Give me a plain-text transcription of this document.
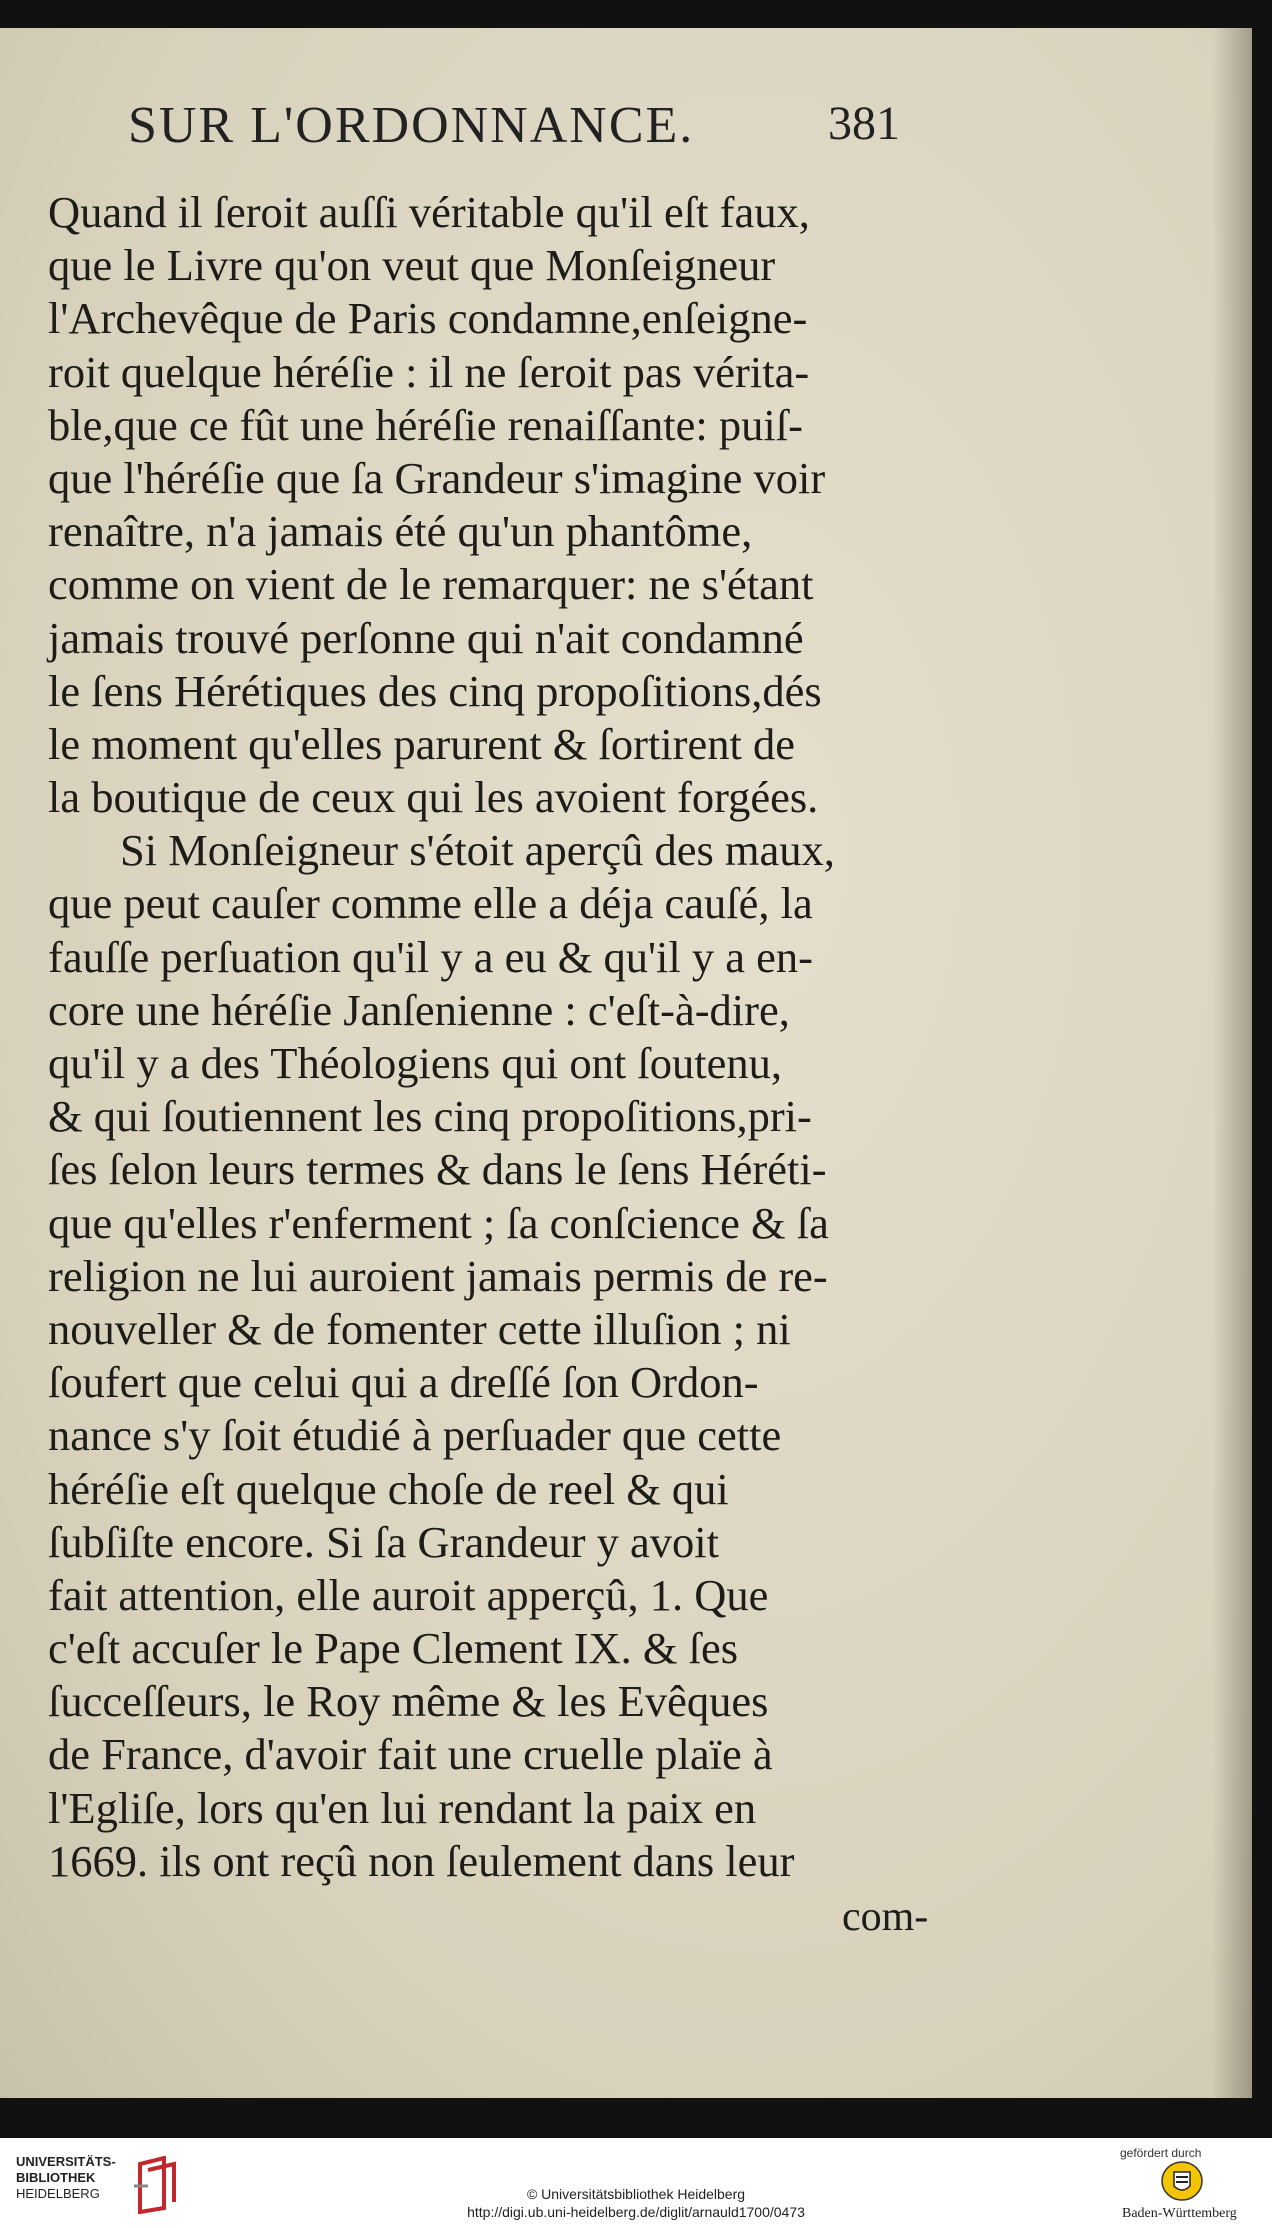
SUR L'ORDONNANCE.	381
Quand il ſeroit auſſi véritable qu'il eſt faux,
que le Livre qu'on veut que Monſeigneur
l'Archevêque de Paris condamne,enſeigne-
roit quelque héréſie : il ne ſeroit pas vérita-
ble,que ce fût une héréſie renaiſſante: puiſ-
que l'héréſie que ſa Grandeur s'imagine voir
renaître, n'a jamais été qu'un phantôme,
comme on vient de le remarquer: ne s'étant
jamais trouvé perſonne qui n'ait condamné
le ſens Hérétiques des cinq propoſitions,dés
le moment qu'elles parurent & ſortirent de
la boutique de ceux qui les avoient forgées.
Si Monſeigneur s'étoit aperçû des maux,
que peut cauſer comme elle a déja cauſé, la
fauſſe perſuation qu'il y a eu & qu'il y a en-
core une héréſie Janſenienne : c'eſt-à-dire,
qu'il y a des Théologiens qui ont ſoutenu,
& qui ſoutiennent les cinq propoſitions,pri-
ſes ſelon leurs termes & dans le ſens Héréti-
que qu'elles r'enferment ; ſa conſcience & ſa
religion ne lui auroient jamais permis de re-
nouveller & de fomenter cette illuſion ; ni
ſoufert que celui qui a dreſſé ſon Ordon-
nance s'y ſoit étudié à perſuader que cette
héréſie eſt quelque choſe de reel & qui
ſubſiſte encore. Si ſa Grandeur y avoit
fait attention, elle auroit apperçû, 1. Que
c'eſt accuſer le Pape Clement IX. & ſes
ſucceſſeurs, le Roy même & les Evêques
de France, d'avoir fait une cruelle plaïe à
l'Egliſe, lors qu'en lui rendant la paix en
1669. ils ont reçû non ſeulement dans leur
com-
UNIVERSITÄTS-
BIBLIOTHEK
HEIDELBERG	© Universitätsbibliothek Heidelberg
http://digi.ub.uni-heidelberg.de/diglit/arnauld1700/0473
gefördert durch
Baden-Württemberg
